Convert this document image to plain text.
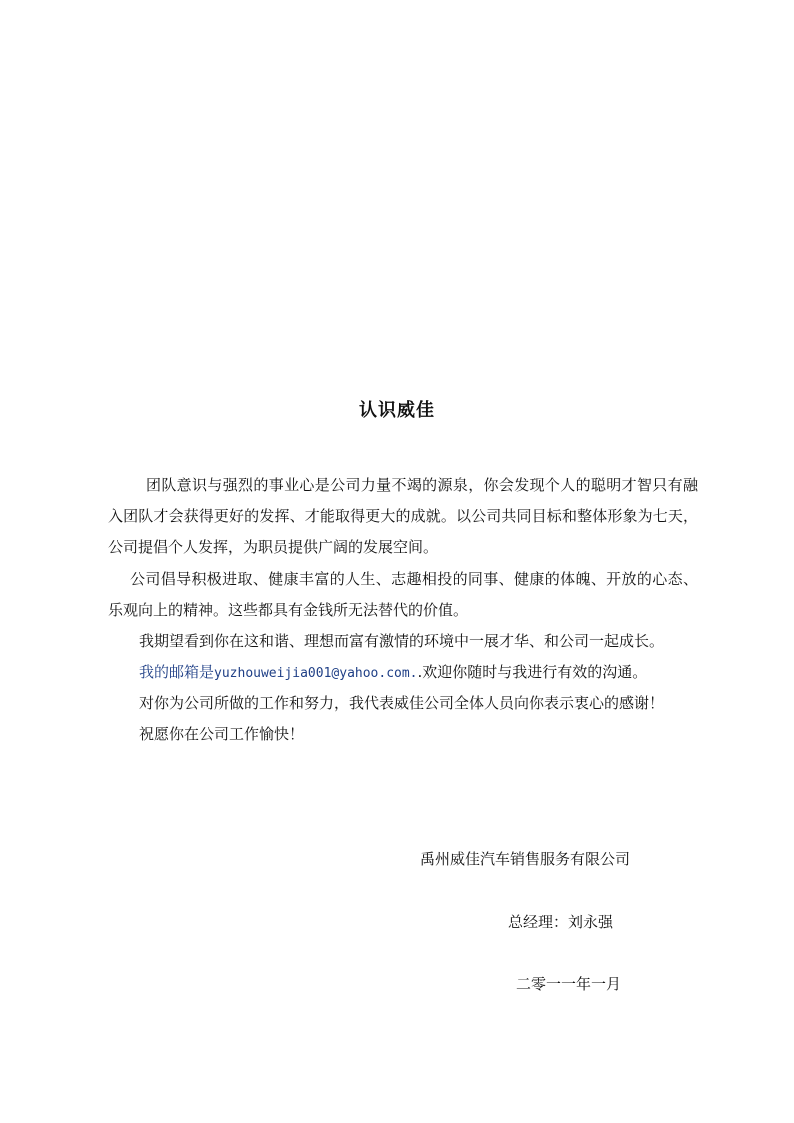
认识威佳
团队意识与强烈的事业心是公司力量不竭的源泉，你会发现个人的聪明才智只有融入团队才会获得更好的发挥、才能取得更大的成就。以公司共同目标和整体形象为七天，公司提倡个人发挥，为职员提供广阔的发展空间。
公司倡导积极进取、健康丰富的人生、志趣相投的同事、健康的体魄、开放的心态、乐观向上的精神。这些都具有金钱所无法替代的价值。
我期望看到你在这和谐、理想而富有激情的环境中一展才华、和公司一起成长。
我的邮箱是yuzhouweijia001@yahoo.com..欢迎你随时与我进行有效的沟通。
对你为公司所做的工作和努力，我代表威佳公司全体人员向你表示衷心的感谢！
祝愿你在公司工作愉快！
禹州威佳汽车销售服务有限公司
总经理：刘永强
二零一一年一月
